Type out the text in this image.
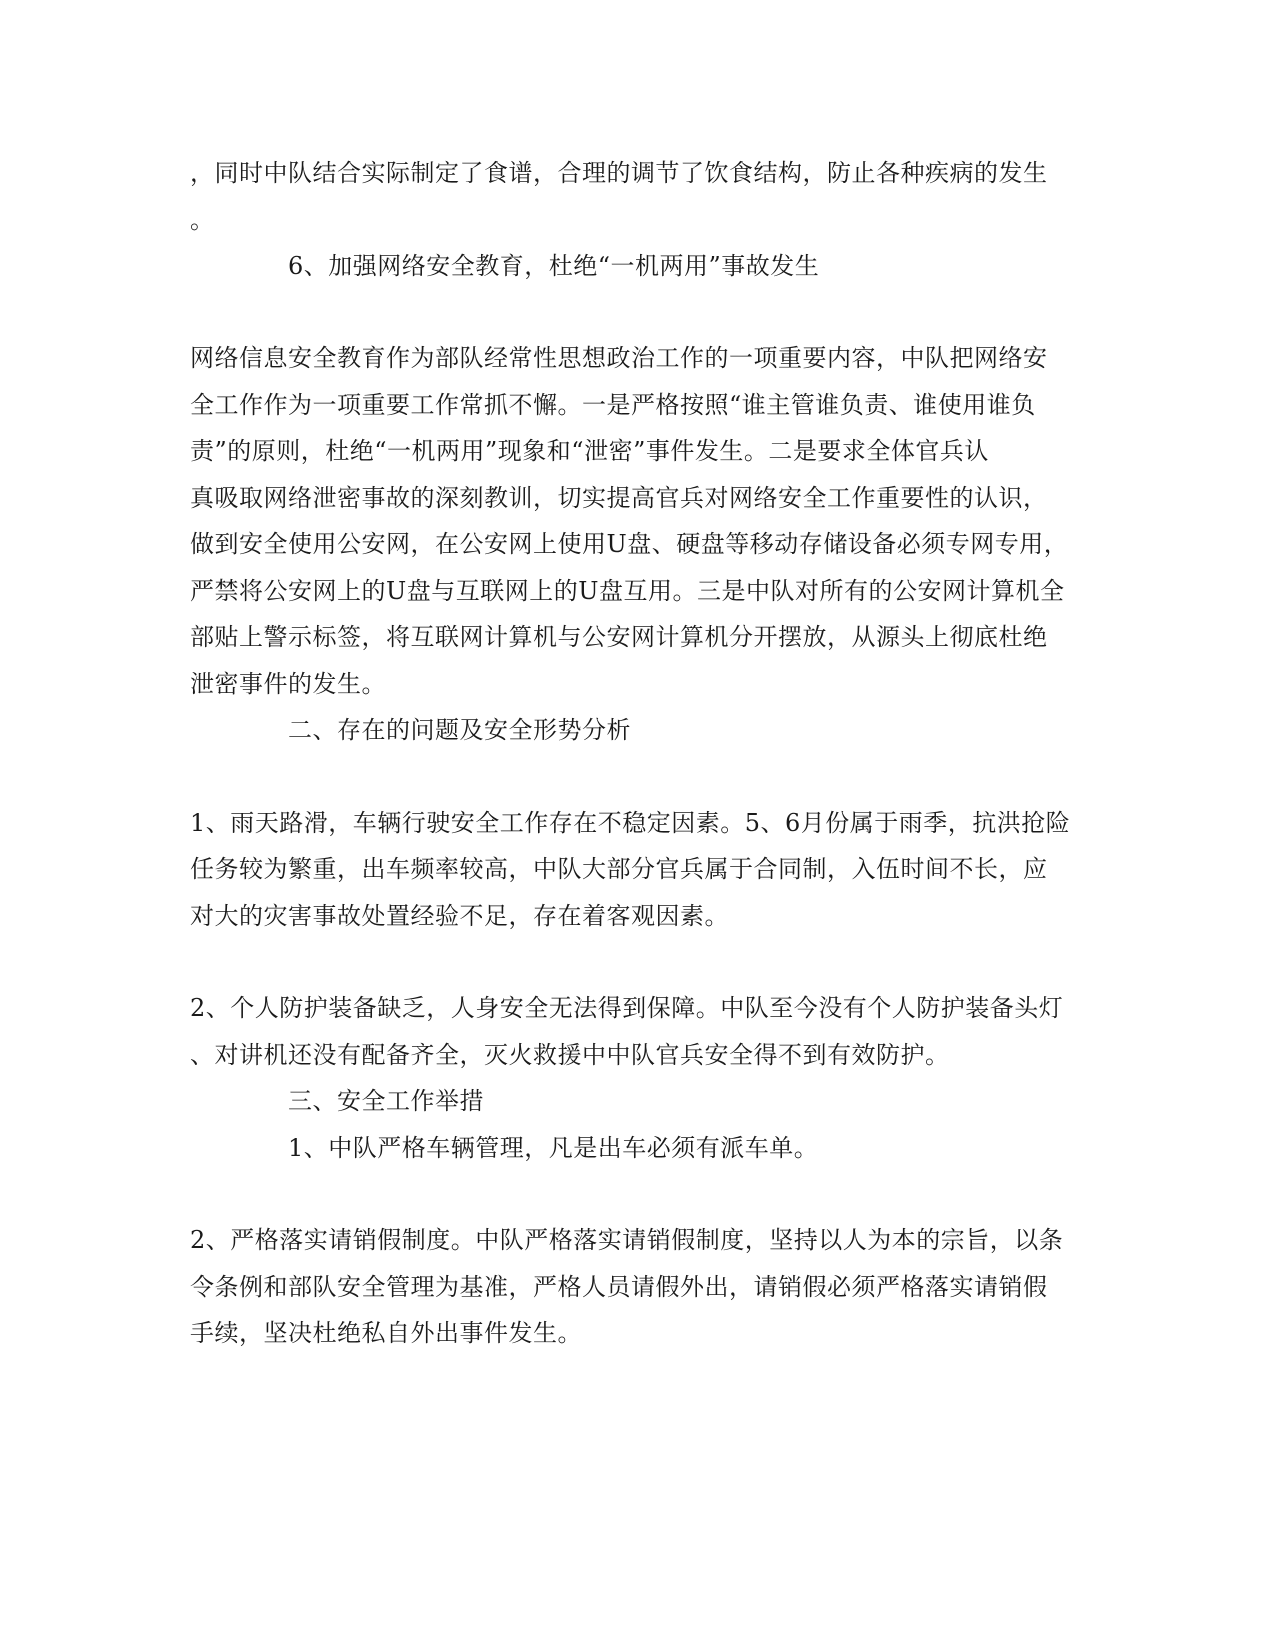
，同时中队结合实际制定了食谱，合理的调节了饮食结构，防止各种疾病的发生
。
6、加强网络安全教育，杜绝“一机两用”事故发生
网络信息安全教育作为部队经常性思想政治工作的一项重要内容，中队把网络安
全工作作为一项重要工作常抓不懈。一是严格按照“谁主管谁负责、谁使用谁负
责”的原则，杜绝“一机两用”现象和“泄密”事件发生。二是要求全体官兵认
真吸取网络泄密事故的深刻教训，切实提高官兵对网络安全工作重要性的认识，
做到安全使用公安网，在公安网上使用U盘、硬盘等移动存储设备必须专网专用，
严禁将公安网上的U盘与互联网上的U盘互用。三是中队对所有的公安网计算机全
部贴上警示标签，将互联网计算机与公安网计算机分开摆放，从源头上彻底杜绝
泄密事件的发生。
二、存在的问题及安全形势分析
1、雨天路滑，车辆行驶安全工作存在不稳定因素。5、6月份属于雨季，抗洪抢险
任务较为繁重，出车频率较高，中队大部分官兵属于合同制，入伍时间不长，应
对大的灾害事故处置经验不足，存在着客观因素。
2、个人防护装备缺乏，人身安全无法得到保障。中队至今没有个人防护装备头灯
、对讲机还没有配备齐全，灭火救援中中队官兵安全得不到有效防护。
三、安全工作举措
1、中队严格车辆管理，凡是出车必须有派车单。
2、严格落实请销假制度。中队严格落实请销假制度，坚持以人为本的宗旨，以条
令条例和部队安全管理为基准，严格人员请假外出，请销假必须严格落实请销假
手续，坚决杜绝私自外出事件发生。
